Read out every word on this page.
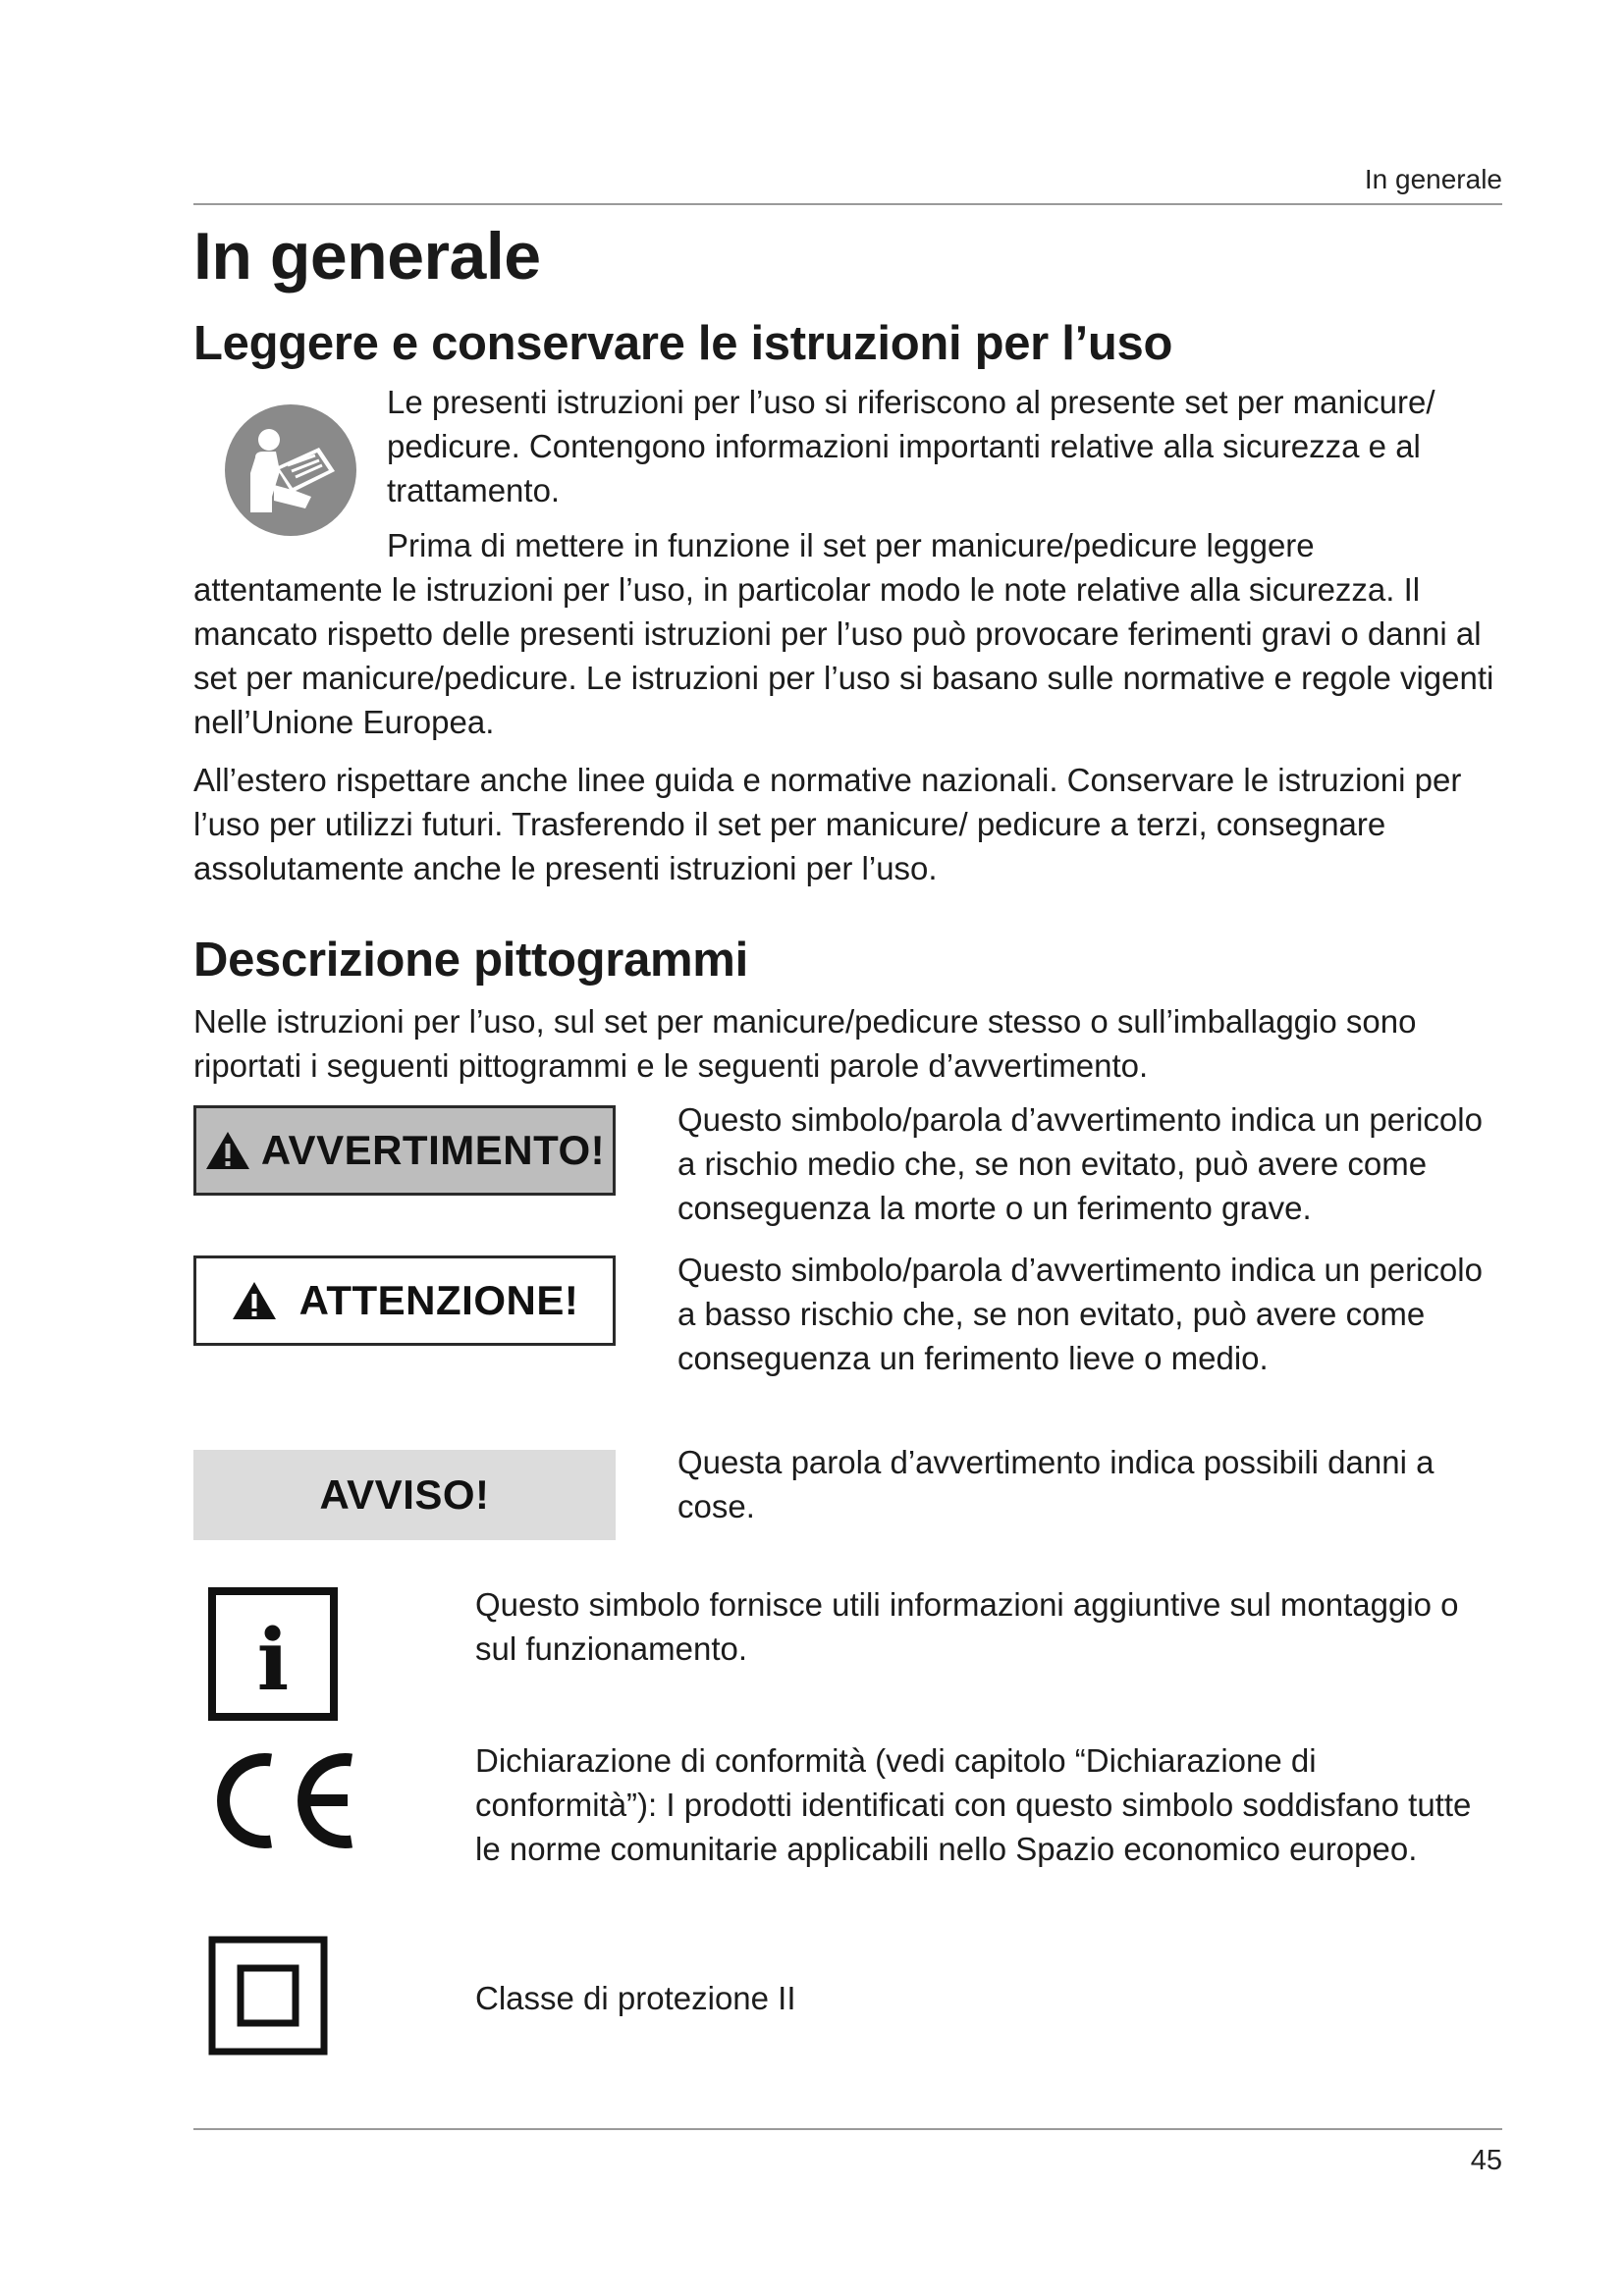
In generale
In generale
Leggere e conservare le istruzioni per l’uso

Le presenti istruzioni per l’uso si riferiscono al presente set per manicure/ pedicure. Contengono informazioni importanti relative alla sicurezza e al trattamento.

Prima di mettere in funzione il set per manicure/pedicure leggere attentamente le istruzioni per l’uso, in particolar modo le note relative alla sicurezza. Il mancato rispetto delle presenti istruzioni per l’uso può provocare ferimenti gravi o danni al set per manicure/pedicure. Le istruzioni per l’uso si basano sulle normative e regole vigenti nell’Unione Europea.

All’estero rispettare anche linee guida e normative nazionali. Conservare le istruzioni per l’uso per utilizzi futuri. Trasferendo il set per manicure/ pedicure a terzi, consegnare assolutamente anche le presenti istruzioni per l’uso.

Descrizione pittogrammi

Nelle istruzioni per l’uso, sul set per manicure/pedicure stesso o sull’imballaggio sono riportati i seguenti pittogrammi e le seguenti parole d’avvertimento.

AVVERTIMENTO!

Questo simbolo/parola d’avvertimento indica un pericolo a rischio medio che, se non evitato, può avere come conseguenza la morte o un ferimento grave.

ATTENZIONE!

Questo simbolo/parola d’avvertimento indica un pericolo a basso rischio che, se non evitato, può avere come conseguenza un ferimento lieve o medio.

AVVISO!

Questa parola d’avvertimento indica possibili danni a cose.

i

Questo simbolo fornisce utili informazioni aggiuntive sul montaggio o sul funzionamento.

Dichiarazione di conformità (vedi capitolo “Dichiarazione di conformità”): I prodotti identificati con questo simbolo soddisfano tutte le norme comunitarie applicabili nello Spazio economico europeo.

Classe di protezione II

45
